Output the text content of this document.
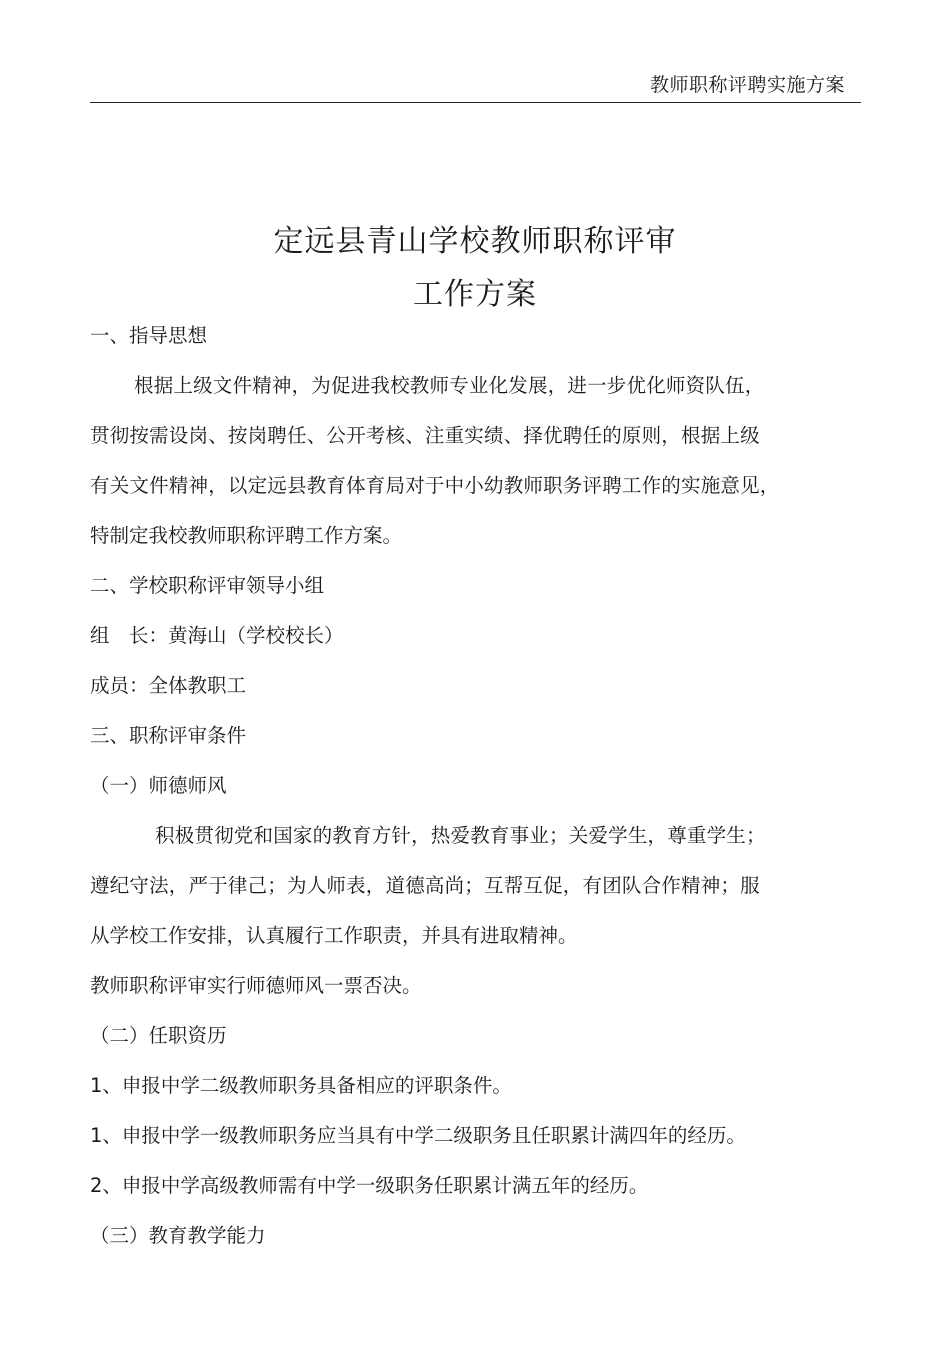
教师职称评聘实施方案
定远县青山学校教师职称评审
工作方案
一、指导思想
根据上级文件精神，为促进我校教师专业化发展，进一步优化师资队伍，
贯彻按需设岗、按岗聘任、公开考核、注重实绩、择优聘任的原则，根据上级
有关文件精神，以定远县教育体育局对于中小幼教师职务评聘工作的实施意见，
特制定我校教师职称评聘工作方案。
二、学校职称评审领导小组
组　长：黄海山（学校校长）
成员：全体教职工
三、职称评审条件
（一）师德师风
积极贯彻党和国家的教育方针，热爱教育事业；关爱学生，尊重学生；
遵纪守法，严于律己；为人师表，道德高尚；互帮互促，有团队合作精神；服
从学校工作安排，认真履行工作职责，并具有进取精神。
教师职称评审实行师德师风一票否决。
（二）任职资历
1、申报中学二级教师职务具备相应的评职条件。
1、申报中学一级教师职务应当具有中学二级职务且任职累计满四年的经历。
2、申报中学高级教师需有中学一级职务任职累计满五年的经历。
（三）教育教学能力
